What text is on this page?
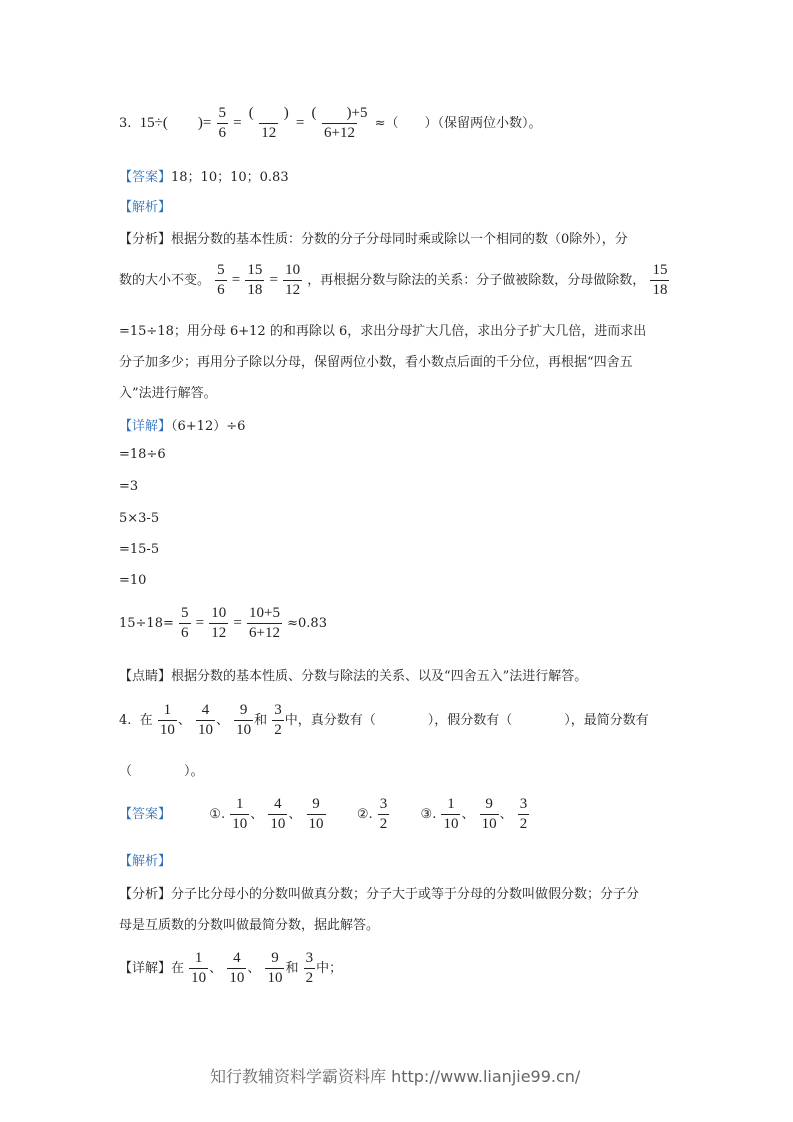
3. 15÷(　　)= $\frac{5}{6} = \frac{( )}{12} = \frac{( )+5}{6+12}$ ≈（　　）（保留两位小数）。
【答案】18；10；10；0.83
【解析】
【分析】根据分数的基本性质：分数的分子分母同时乘或除以一个相同的数（0除外），分
数的大小不变。 $\frac{5}{6} = \frac{15}{18} = \frac{10}{12}$ ，再根据分数与除法的关系：分子做被除数，分母做除数， $\frac{15}{18}$
=15÷18；用分母 6+12 的和再除以 6，求出分母扩大几倍，求出分子扩大几倍，进而求出
分子加多少；再用分子除以分母，保留两位小数，看小数点后面的千分位，再根据“四舍五
入”法进行解答。
【详解】（6+12）÷6
=18÷6
=3
5×3-5
=15-5
=10
$15\div 18= \frac{5}{6} = \frac{10}{12} = \frac{10+5}{6+12} \approx 0.83$
【点睛】根据分数的基本性质、分数与除法的关系、以及“四舍五入”法进行解答。
4. 在 $\frac{1}{10}$ 、 $\frac{4}{10}$ 、 $\frac{9}{10}$ 和 $\frac{3}{2}$ 中，真分数有（　　　　），假分数有（　　　　），最简分数有
（　　　　）。
【答案】	①. $\frac{1}{10}$ 、 $\frac{4}{10}$ 、 $\frac{9}{10}$ ②. $\frac{3}{2}$ ③. $\frac{1}{10}$ 、 $\frac{9}{10}$ 、 $\frac{3}{2}$
【解析】
【分析】分子比分母小的分数叫做真分数；分子大于或等于分母的分数叫做假分数；分子分
母是互质数的分数叫做最简分数，据此解答。
【详解】在 $\frac{1}{10}$ 、 $\frac{4}{10}$ 、 $\frac{9}{10}$ 和 $\frac{3}{2}$ 中；
知行教辅资料学霸资料库 http://www.lianjie99.cn/
